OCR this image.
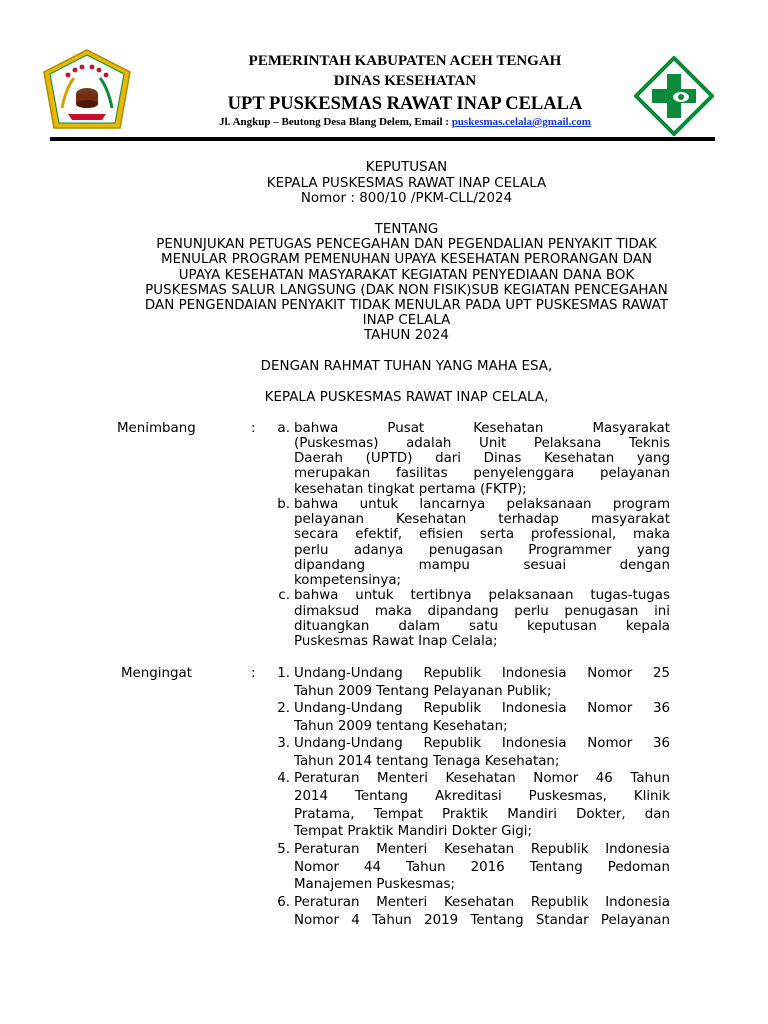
PEMERINTAH KABUPATEN ACEH TENGAH
DINAS KESEHATAN
UPT PUSKESMAS RAWAT INAP CELALA
Jl. Angkup – Beutong Desa Blang Delem, Email : puskesmas.celala@gmail.com
KEPUTUSAN
KEPALA PUSKESMAS RAWAT INAP CELALA
Nomor : 800/10 /PKM-CLL/2024
TENTANG
PENUNJUKAN PETUGAS PENCEGAHAN DAN PEGENDALIAN PENYAKIT TIDAK
MENULAR PROGRAM PEMENUHAN UPAYA KESEHATAN PERORANGAN DAN
UPAYA KESEHATAN MASYARAKAT KEGIATAN PENYEDIAAN DANA BOK
PUSKESMAS SALUR LANGSUNG (DAK NON FISIK)SUB KEGIATAN PENCEGAHAN
DAN PENGENDAIAN PENYAKIT TIDAK MENULAR PADA UPT PUSKESMAS RAWAT
INAP CELALA
TAHUN 2024
DENGAN RAHMAT TUHAN YANG MAHA ESA,
KEPALA PUSKESMAS RAWAT INAP CELALA,
Menimbang	:	a. bahwa Pusat Kesehatan Masyarakat
(Puskesmas) adalah Unit Pelaksana Teknis
Daerah (UPTD) dari Dinas Kesehatan yang
merupakan fasilitas penyelenggara pelayanan
kesehatan tingkat pertama (FKTP);
b. bahwa untuk lancarnya pelaksanaan program
pelayanan Kesehatan terhadap masyarakat
secara efektif, efisien serta professional, maka
perlu adanya penugasan Programmer yang
dipandang mampu sesuai dengan
kompetensinya;
c. bahwa untuk tertibnya pelaksanaan tugas-tugas
dimaksud maka dipandang perlu penugasan ini
dituangkan dalam satu keputusan kepala
Puskesmas Rawat Inap Celala;
Mengingat	:	1. Undang-Undang Republik Indonesia Nomor 25
Tahun 2009 Tentang Pelayanan Publik;
2. Undang-Undang Republik Indonesia Nomor 36
Tahun 2009 tentang Kesehatan;
3. Undang-Undang Republik Indonesia Nomor 36
Tahun 2014 tentang Tenaga Kesehatan;
4. Peraturan Menteri Kesehatan Nomor 46 Tahun
2014 Tentang Akreditasi Puskesmas, Klinik
Pratama, Tempat Praktik Mandiri Dokter, dan
Tempat Praktik Mandiri Dokter Gigi;
5. Peraturan Menteri Kesehatan Republik Indonesia
Nomor 44 Tahun 2016 Tentang Pedoman
Manajemen Puskesmas;
6. Peraturan Menteri Kesehatan Republik Indonesia
Nomor 4 Tahun 2019 Tentang Standar Pelayanan
